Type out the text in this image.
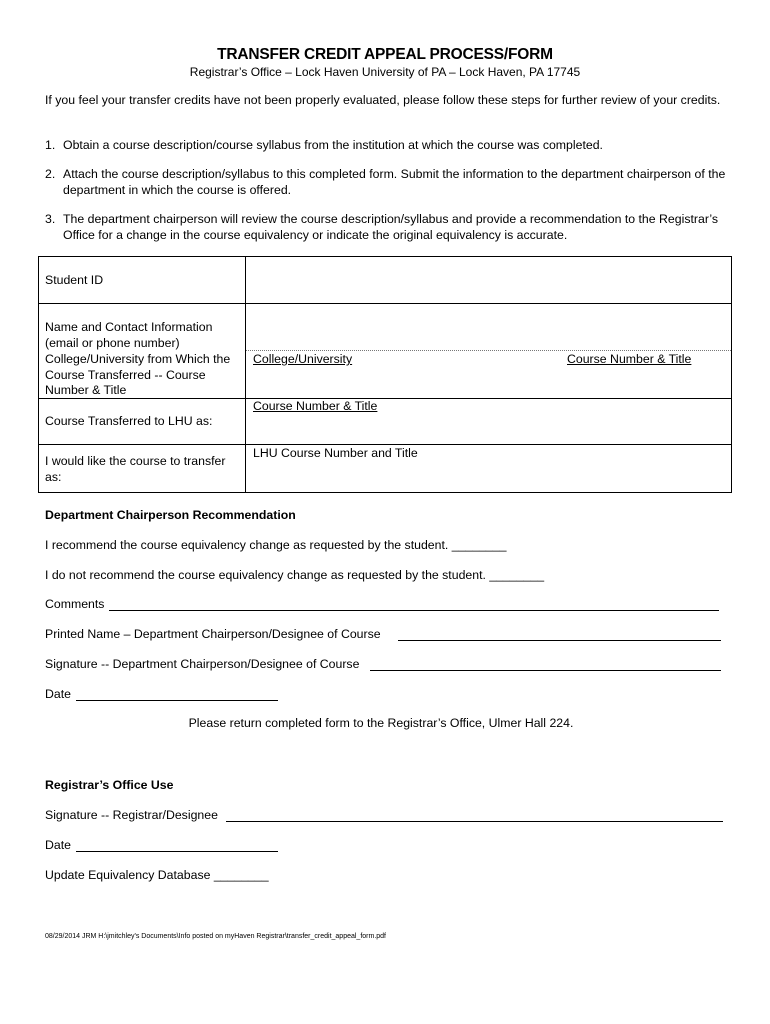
TRANSFER CREDIT APPEAL PROCESS/FORM
Registrar’s Office – Lock Haven University of PA – Lock Haven, PA 17745
If you feel your transfer credits have not been properly evaluated, please follow these steps for further review of your credits.
1. Obtain a course description/course syllabus from the institution at which the course was completed.
2. Attach the course description/syllabus to this completed form. Submit the information to the department chairperson of the department in which the course is offered.
3. The department chairperson will review the course description/syllabus and provide a recommendation to the Registrar’s Office for a change in the course equivalency or indicate the original equivalency is accurate.
Student ID
Name and Contact Information (email or phone number)
College/University from Which the Course Transferred -- Course Number & Title
College/University	Course Number & Title
Course Transferred to LHU as:
Course Number & Title
I would like the course to transfer as:
LHU Course Number and Title
Department Chairperson Recommendation
I recommend the course equivalency change as requested by the student. ________
I do not recommend the course equivalency change as requested by the student. ________
Comments
Printed Name – Department Chairperson/Designee of Course
Signature -- Department Chairperson/Designee of Course
Date
Please return completed form to the Registrar’s Office, Ulmer Hall 224.
Registrar’s Office Use
Signature -- Registrar/Designee
Date
Update Equivalency Database ________
08/29/2014 JRM H:\jmitchley's Documents\Info posted on myHaven Registrar\transfer_credit_appeal_form.pdf
